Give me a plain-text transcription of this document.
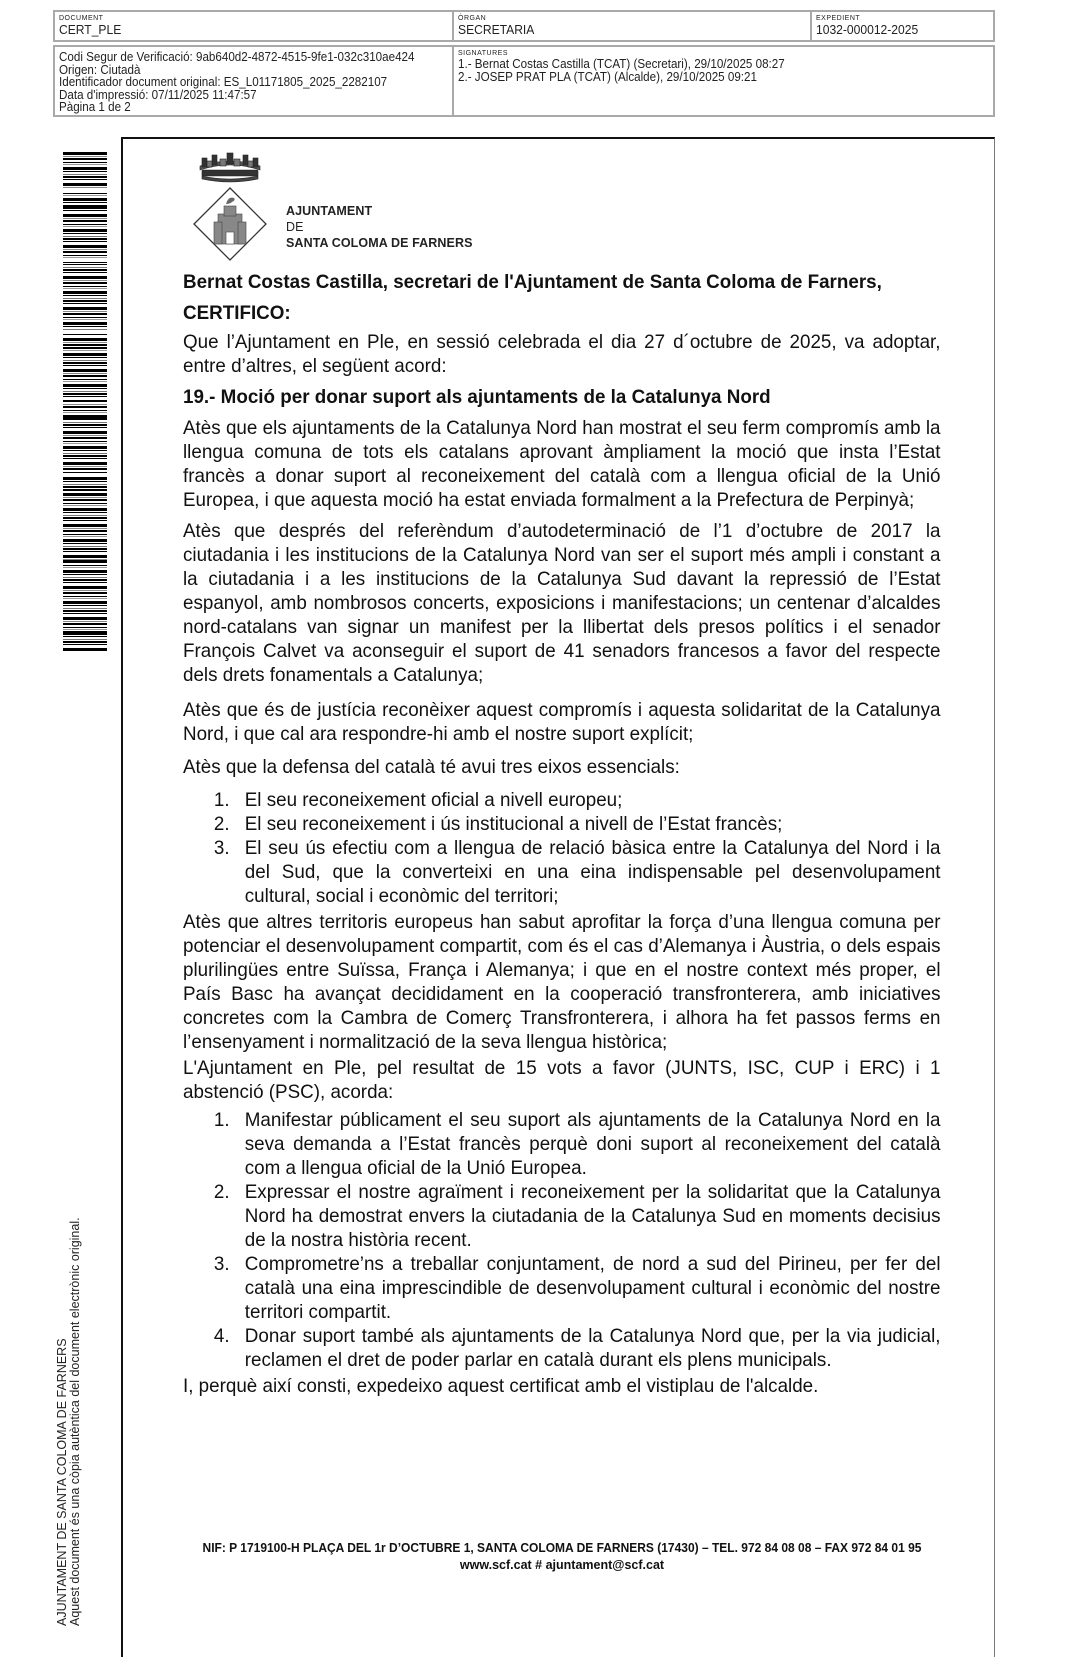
DOCUMENT
CERT_PLE
ÒRGAN
SECRETARIA
EXPEDIENT
1032-000012-2025
Codi Segur de Verificació: 9ab640d2-4872-4515-9fe1-032c310ae424
Origen: Ciutadà
Identificador document original: ES_L01171805_2025_2282107
Data d'impressió: 07/11/2025 11:47:57
Pàgina 1 de 2
SIGNATURES
1.- Bernat Costas Castilla (TCAT) (Secretari), 29/10/2025 08:27
2.- JOSEP PRAT PLA (TCAT) (Alcalde), 29/10/2025 09:21
AJUNTAMENT DE SANTA COLOMA DE FARNERS Aquest document és una còpia autèntica del document electrònic original.
AJUNTAMENT
DE
SANTA COLOMA DE FARNERS

Bernat Costas Castilla, secretari de l'Ajuntament de Santa Coloma de Farners,

CERTIFICO:

Que l’Ajuntament en Ple, en sessió celebrada el dia 27 d´octubre de 2025, va adoptar, entre d’altres, el següent acord:

19.- Moció per donar suport als ajuntaments de la Catalunya Nord

Atès que els ajuntaments de la Catalunya Nord han mostrat el seu ferm compromís amb la llengua comuna de tots els catalans aprovant àmpliament la moció que insta l’Estat francès a donar suport al reconeixement del català com a llengua oficial de la Unió Europea, i que aquesta moció ha estat enviada formalment a la Prefectura de Perpinyà;

Atès que després del referèndum d’autodeterminació de l’1 d’octubre de 2017 la ciutadania i les institucions de la Catalunya Nord van ser el suport més ampli i constant a la ciutadania i a les institucions de la Catalunya Sud davant la repressió de l’Estat espanyol, amb nombrosos concerts, exposicions i manifestacions; un centenar d’alcaldes nord-catalans van signar un manifest per la llibertat dels presos polítics i el senador François Calvet va aconseguir el suport de 41 senadors francesos a favor del respecte dels drets fonamentals a Catalunya;

Atès que és de justícia reconèixer aquest compromís i aquesta solidaritat de la Catalunya Nord, i que cal ara respondre-hi amb el nostre suport explícit;

Atès que la defensa del català té avui tres eixos essencials:

1. El seu reconeixement oficial a nivell europeu;
2. El seu reconeixement i ús institucional a nivell de l’Estat francès;
3. El seu ús efectiu com a llengua de relació bàsica entre la Catalunya del Nord i la del Sud, que la converteixi en una eina indispensable pel desenvolupament cultural, social i econòmic del territori;

Atès que altres territoris europeus han sabut aprofitar la força d’una llengua comuna per potenciar el desenvolupament compartit, com és el cas d’Alemanya i Àustria, o dels espais plurilingües entre Suïssa, França i Alemanya; i que en el nostre context més proper, el País Basc ha avançat decididament en la cooperació transfronterera, amb iniciatives concretes com la Cambra de Comerç Transfronterera, i alhora ha fet passos ferms en l’ensenyament i normalització de la seva llengua històrica;

L'Ajuntament en Ple, pel resultat de 15 vots a favor (JUNTS, ISC, CUP i ERC) i 1 abstenció (PSC), acorda:

1. Manifestar públicament el seu suport als ajuntaments de la Catalunya Nord en la seva demanda a l’Estat francès perquè doni suport al reconeixement del català com a llengua oficial de la Unió Europea.
2. Expressar el nostre agraïment i reconeixement per la solidaritat que la Catalunya Nord ha demostrat envers la ciutadania de la Catalunya Sud en moments decisius de la nostra història recent.
3. Comprometre’ns a treballar conjuntament, de nord a sud del Pirineu, per fer del català una eina imprescindible de desenvolupament cultural i econòmic del nostre territori compartit.
4. Donar suport també als ajuntaments de la Catalunya Nord que, per la via judicial, reclamen el dret de poder parlar en català durant els plens municipals.

I, perquè així consti, expedeixo aquest certificat amb el vistiplau de l'alcalde.

NIF: P 1719100-H PLAÇA DEL 1r D’OCTUBRE 1, SANTA COLOMA DE FARNERS (17430) – TEL. 972 84 08 08 – FAX 972 84 01 95
www.scf.cat # ajuntament@scf.cat
